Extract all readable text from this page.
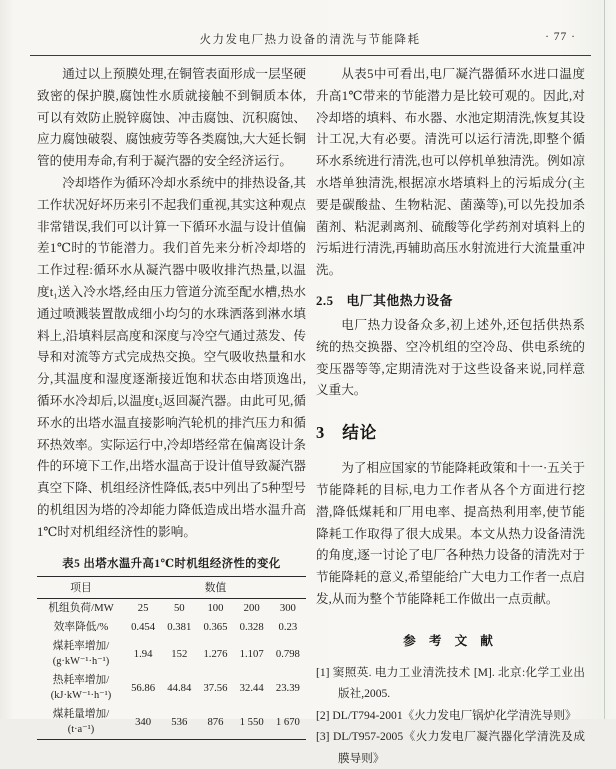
火力发电厂热力设备的清洗与节能降耗	· 77 ·

通过以上预膜处理,在铜管表面形成一层坚硬致密的保护膜,腐蚀性水质就接触不到铜质本体,可以有效防止脱锌腐蚀、冲击腐蚀、沉积腐蚀、应力腐蚀破裂、腐蚀疲劳等各类腐蚀,大大延长铜管的使用寿命,有利于凝汽器的安全经济运行。

冷却塔作为循环冷却水系统中的排热设备,其工作状况好坏历来引不起我们重视,其实这种观点非常错误,我们可以计算一下循环水温与设计值偏差1℃时的节能潜力。我们首先来分析冷却塔的工作过程:循环水从凝汽器中吸收排汽热量,以温度t₁送入冷水塔,经由压力管道分流至配水槽,热水通过喷溅装置散成细小均匀的水珠洒落到淋水填料上,沿填料层高度和深度与冷空气通过蒸发、传导和对流等方式完成热交换。空气吸收热量和水分,其温度和湿度逐渐接近饱和状态由塔顶逸出,循环水冷却后,以温度t₂返回凝汽器。由此可见,循环水的出塔水温直接影响汽轮机的排汽压力和循环热效率。实际运行中,冷却塔经常在偏离设计条件的环境下工作,出塔水温高于设计值导致凝汽器真空下降、机组经济性降低,表5中列出了5种型号的机组因为塔的冷却能力降低造成出塔水温升高1℃时对机组经济性的影响。

表5 出塔水温升高1℃时机组经济性的变化
项目	数值				

机组负荷/MW	25	50	100	200	300

效率降低/%	0.454	0.381	0.365	0.328	0.23

煤耗率增加/
(g·kW⁻¹·h⁻¹)	1.94	152	1.276	1.107	0.798

热耗率增加/
(kJ·kW⁻¹·h⁻¹)	56.86	44.84	37.56	32.44	23.39

煤耗量增加/
(t·a⁻¹)	340	536	876	1 550	1 670

从表5中可看出,电厂凝汽器循环水进口温度升高1℃带来的节能潜力是比较可观的。因此,对冷却塔的填料、布水器、水池定期清洗,恢复其设计工况,大有必要。清洗可以运行清洗,即整个循环水系统进行清洗,也可以停机单独清洗。例如凉水塔单独清洗,根据凉水塔填料上的污垢成分(主要是碳酸盐、生物粘泥、菌藻等),可以先投加杀菌剂、粘泥剥离剂、硫酸等化学药剂对填料上的污垢进行清洗,再辅助高压水射流进行大流量重冲洗。

2.5 电厂其他热力设备

电厂热力设备众多,初上述外,还包括供热系统的热交换器、空冷机组的空冷岛、供电系统的变压器等等,定期清洗对于这些设备来说,同样意义重大。

3 结论

为了相应国家的节能降耗政策和十一·五关于节能降耗的目标,电力工作者从各个方面进行挖潜,降低煤耗和厂用电率、提高热利用率,使节能降耗工作取得了很大成果。本文从热力设备清洗的角度,逐一讨论了电厂各种热力设备的清洗对于节能降耗的意义,希望能给广大电力工作者一点启发,从而为整个节能降耗工作做出一点贡献。

参 考 文 献

[1] 窦照英. 电力工业清洗技术 [M]. 北京:化学工业出版社,2005.

[2] DL/T794-2001《火力发电厂锅炉化学清洗导则》

[3] DL/T957-2005《火力发电厂凝汽器化学清洗及成膜导则》
